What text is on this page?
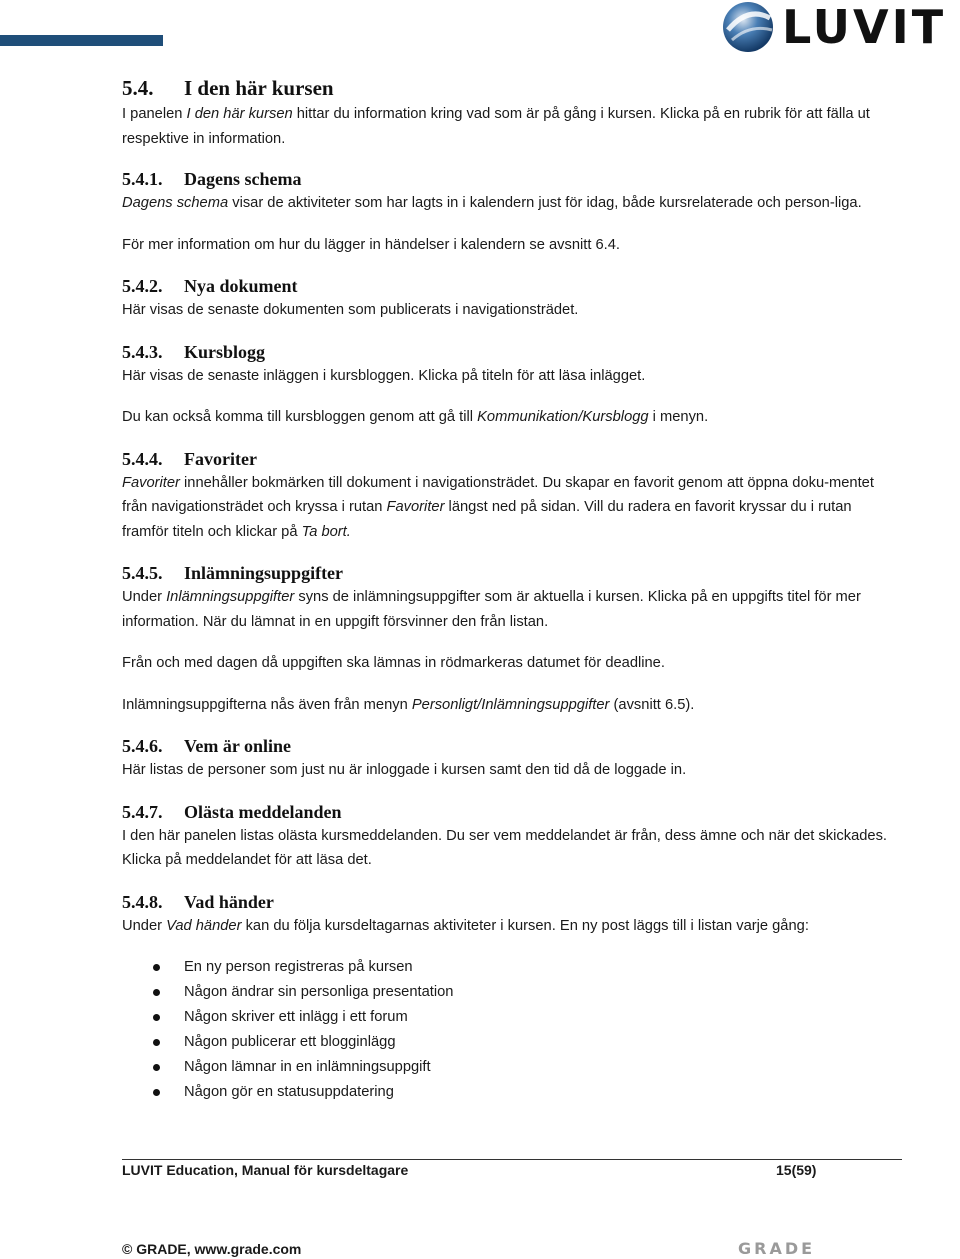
LUVIT
5.4. I den här kursen

I panelen I den här kursen hittar du information kring vad som är på gång i kursen. Klicka på en rubrik för att fälla ut respektive in information.

5.4.1. Dagens schema

Dagens schema visar de aktiviteter som har lagts in i kalendern just för idag, både kursrelaterade och person-liga.

För mer information om hur du lägger in händelser i kalendern se avsnitt 6.4.

5.4.2. Nya dokument

Här visas de senaste dokumenten som publicerats i navigationsträdet.

5.4.3. Kursblogg

Här visas de senaste inläggen i kursbloggen. Klicka på titeln för att läsa inlägget.

Du kan också komma till kursbloggen genom att gå till Kommunikation/Kursblogg i menyn.

5.4.4. Favoriter

Favoriter innehåller bokmärken till dokument i navigationsträdet. Du skapar en favorit genom att öppna doku-mentet från navigationsträdet och kryssa i rutan Favoriter längst ned på sidan. Vill du radera en favorit kryssar du i rutan framför titeln och klickar på Ta bort.

5.4.5. Inlämningsuppgifter

Under Inlämningsuppgifter syns de inlämningsuppgifter som är aktuella i kursen. Klicka på en uppgifts titel för mer information. När du lämnat in en uppgift försvinner den från listan.

Från och med dagen då uppgiften ska lämnas in rödmarkeras datumet för deadline.

Inlämningsuppgifterna nås även från menyn Personligt/Inlämningsuppgifter (avsnitt 6.5).

5.4.6. Vem är online

Här listas de personer som just nu är inloggade i kursen samt den tid då de loggade in.

5.4.7. Olästa meddelanden

I den här panelen listas olästa kursmeddelanden. Du ser vem meddelandet är från, dess ämne och när det skickades. Klicka på meddelandet för att läsa det.

5.4.8. Vad händer

Under Vad händer kan du följa kursdeltagarnas aktiviteter i kursen. En ny post läggs till i listan varje gång:

En ny person registreras på kursen
Någon ändrar sin personliga presentation
Någon skriver ett inlägg i ett forum
Någon publicerar ett blogginlägg
Någon lämnar in en inlämningsuppgift
Någon gör en statusuppdatering
LUVIT Education, Manual för kursdeltagare	15(59)
© GRADE, www.grade.com	GRADE
